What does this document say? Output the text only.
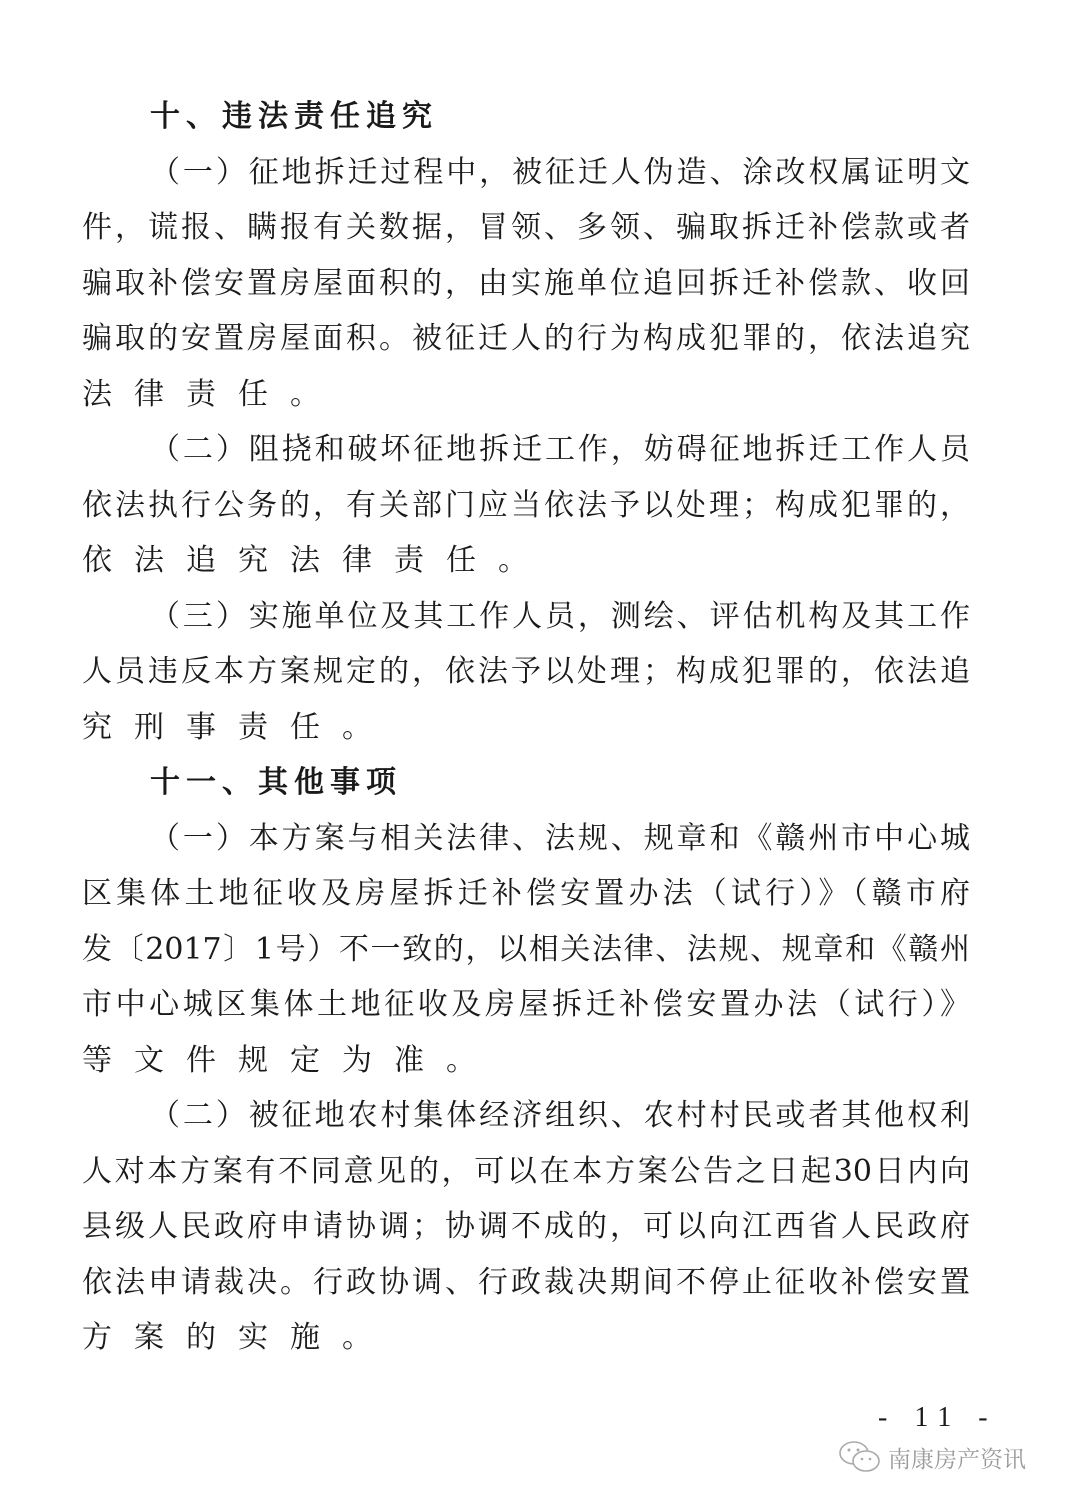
十、违法责任追究
（一）征地拆迁过程中，被征迁人伪造、涂改权属证明文
件，谎报、瞒报有关数据，冒领、多领、骗取拆迁补偿款或者
骗取补偿安置房屋面积的，由实施单位追回拆迁补偿款、收回
骗取的安置房屋面积。被征迁人的行为构成犯罪的，依法追究
法律责任。
（二）阻挠和破坏征地拆迁工作，妨碍征地拆迁工作人员
依法执行公务的，有关部门应当依法予以处理；构成犯罪的，
依法追究法律责任。
（三）实施单位及其工作人员，测绘、评估机构及其工作
人员违反本方案规定的，依法予以处理；构成犯罪的，依法追
究刑事责任。
十一、其他事项
（一）本方案与相关法律、法规、规章和《赣州市中心城
区集体土地征收及房屋拆迁补偿安置办法（试行）》（赣市府
发〔2017〕1号）不一致的，以相关法律、法规、规章和《赣州
市中心城区集体土地征收及房屋拆迁补偿安置办法（试行）》
等文件规定为准。
（二）被征地农村集体经济组织、农村村民或者其他权利
人对本方案有不同意见的，可以在本方案公告之日起30日内向
县级人民政府申请协调；协调不成的，可以向江西省人民政府
依法申请裁决。行政协调、行政裁决期间不停止征收补偿安置
方案的实施。
- 11 -
南康房产资讯
